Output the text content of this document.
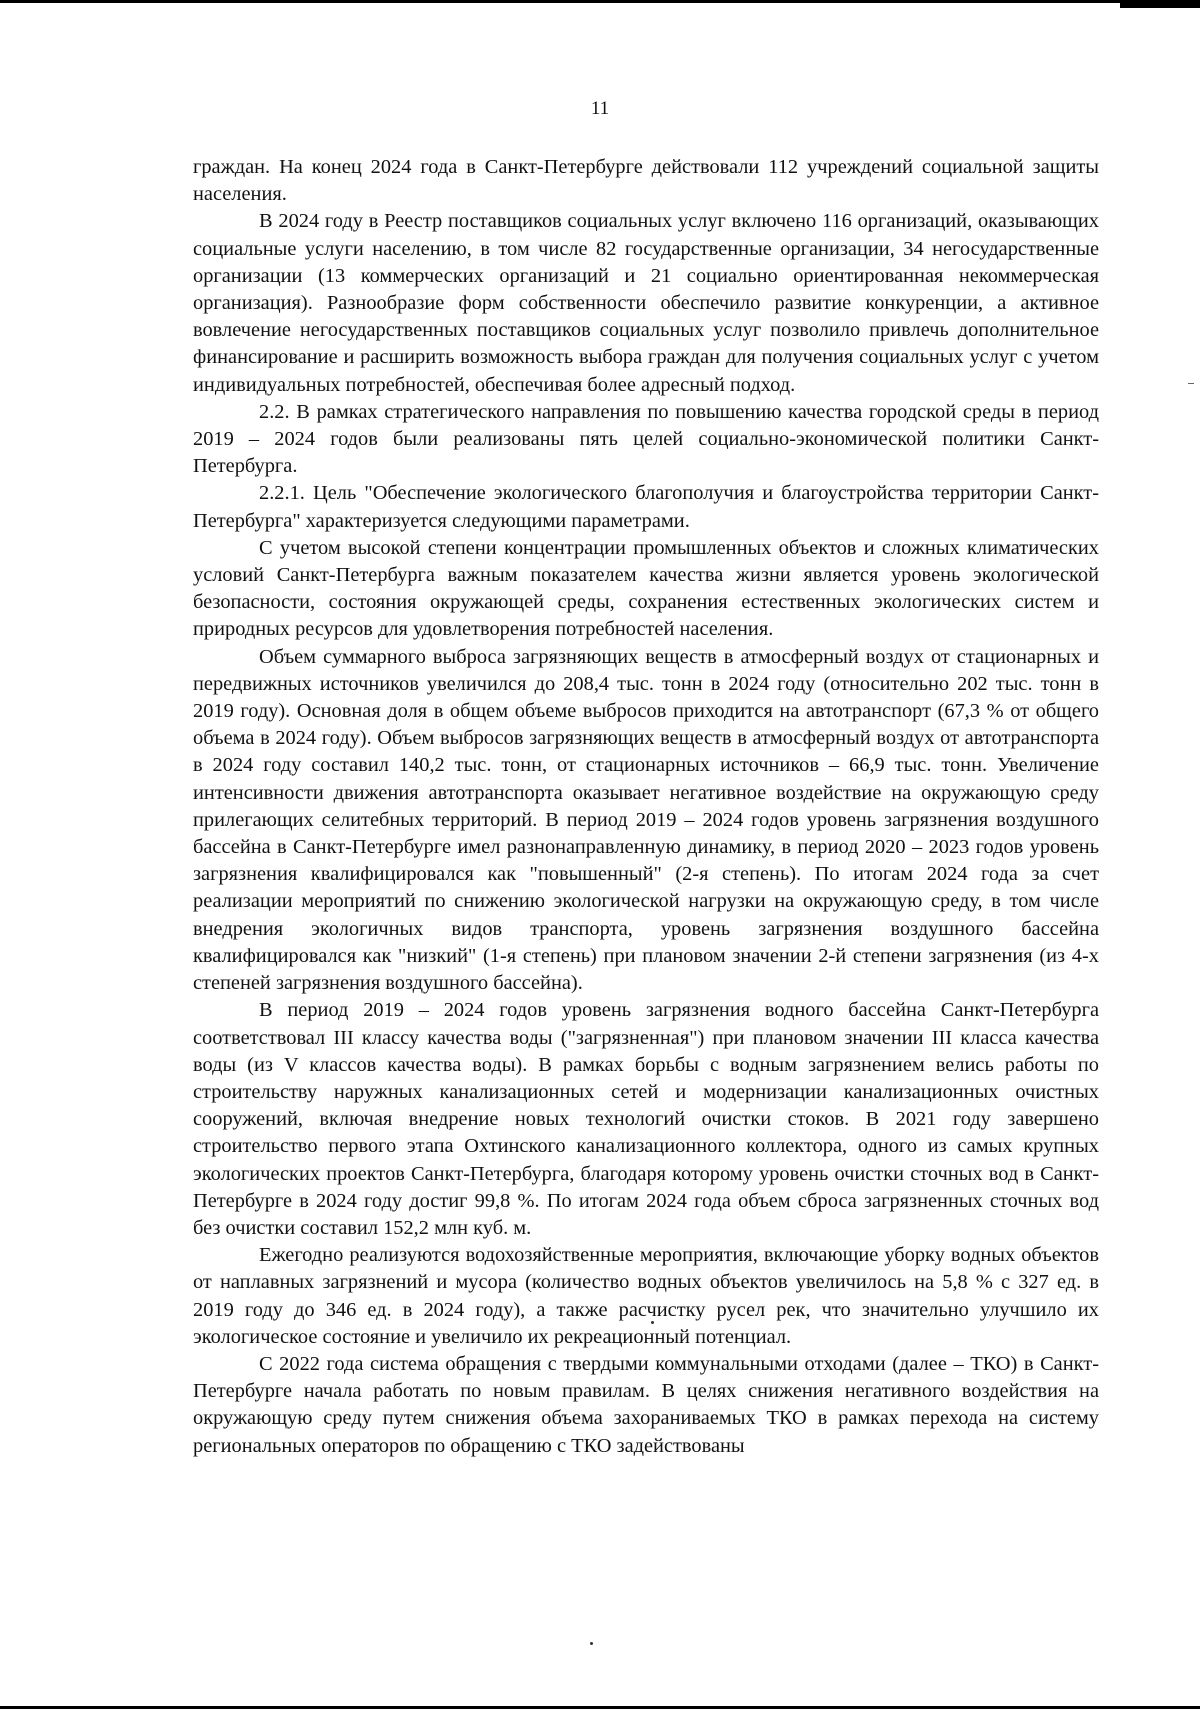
11

граждан. На конец 2024 года в Санкт-Петербурге действовали 112 учреждений социальной защиты населения.

В 2024 году в Реестр поставщиков социальных услуг включено 116 организаций, оказывающих социальные услуги населению, в том числе 82 государственные организации, 34 негосударственные организации (13 коммерческих организаций и 21 социально ориентированная некоммерческая организация). Разнообразие форм собственности обеспечило развитие конкуренции, а активное вовлечение негосударственных поставщиков социальных услуг позволило привлечь дополнительное финансирование и расширить возможность выбора граждан для получения социальных услуг с учетом индивидуальных потребностей, обеспечивая более адресный подход.

2.2. В рамках стратегического направления по повышению качества городской среды в период 2019 – 2024 годов были реализованы пять целей социально-экономической политики Санкт-Петербурга.

2.2.1. Цель "Обеспечение экологического благополучия и благоустройства территории Санкт-Петербурга" характеризуется следующими параметрами.

С учетом высокой степени концентрации промышленных объектов и сложных климатических условий Санкт-Петербурга важным показателем качества жизни является уровень экологической безопасности, состояния окружающей среды, сохранения естественных экологических систем и природных ресурсов для удовлетворения потребностей населения.

Объем суммарного выброса загрязняющих веществ в атмосферный воздух от стационарных и передвижных источников увеличился до 208,4 тыс. тонн в 2024 году (относительно 202 тыс. тонн в 2019 году). Основная доля в общем объеме выбросов приходится на автотранспорт (67,3 % от общего объема в 2024 году). Объем выбросов загрязняющих веществ в атмосферный воздух от автотранспорта в 2024 году составил 140,2 тыс. тонн, от стационарных источников – 66,9 тыс. тонн. Увеличение интенсивности движения автотранспорта оказывает негативное воздействие на окружающую среду прилегающих селитебных территорий. В период 2019 – 2024 годов уровень загрязнения воздушного бассейна в Санкт-Петербурге имел разнонаправленную динамику, в период 2020 – 2023 годов уровень загрязнения квалифицировался как "повышенный" (2-я степень). По итогам 2024 года за счет реализации мероприятий по снижению экологической нагрузки на окружающую среду, в том числе внедрения экологичных видов транспорта, уровень загрязнения воздушного бассейна квалифицировался как "низкий" (1-я степень) при плановом значении 2-й степени загрязнения (из 4-х степеней загрязнения воздушного бассейна).

В период 2019 – 2024 годов уровень загрязнения водного бассейна Санкт-Петербурга соответствовал III классу качества воды ("загрязненная") при плановом значении III класса качества воды (из V классов качества воды). В рамках борьбы с водным загрязнением велись работы по строительству наружных канализационных сетей и модернизации канализационных очистных сооружений, включая внедрение новых технологий очистки стоков. В 2021 году завершено строительство первого этапа Охтинского канализационного коллектора, одного из самых крупных экологических проектов Санкт-Петербурга, благодаря которому уровень очистки сточных вод в Санкт-Петербурге в 2024 году достиг 99,8 %. По итогам 2024 года объем сброса загрязненных сточных вод без очистки составил 152,2 млн куб. м.

Ежегодно реализуются водохозяйственные мероприятия, включающие уборку водных объектов от наплавных загрязнений и мусора (количество водных объектов увеличилось на 5,8 % с 327 ед. в 2019 году до 346 ед. в 2024 году), а также расчистку русел рек, что значительно улучшило их экологическое состояние и увеличило их рекреационный потенциал.

С 2022 года система обращения с твердыми коммунальными отходами (далее – ТКО) в Санкт-Петербурге начала работать по новым правилам. В целях снижения негативного воздействия на окружающую среду путем снижения объема захораниваемых ТКО в рамках перехода на систему региональных операторов по обращению с ТКО задействованы
